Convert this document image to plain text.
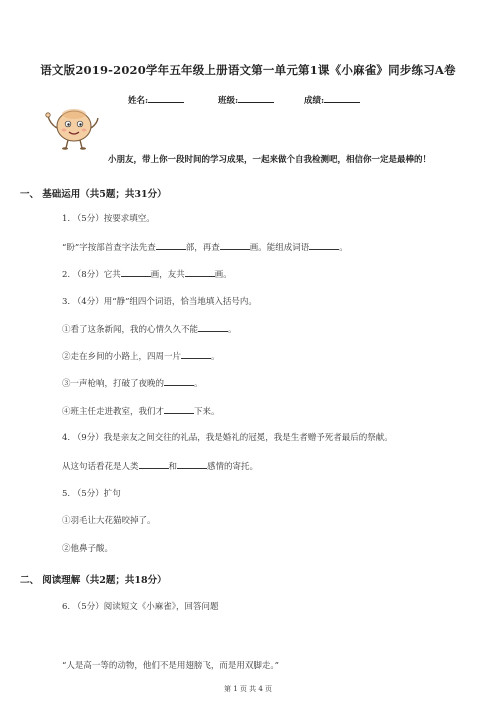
语文版2019-2020学年五年级上册语文第一单元第1课《小麻雀》同步练习A卷
姓名:	班级:	成绩:
小朋友，带上你一段时间的学习成果，一起来做个自我检测吧，相信你一定是最棒的！
一、 基础运用（共5题；共31分）
1. （5分）按要求填空。
“盼”字按部首查字法先查	部，再查	画。能组成词语	。
2. （8分）它共	画，友共	画。
3. （4分）用“静”组四个词语，恰当地填入括号内。
①看了这条新闻，我的心情久久不能	。
②走在乡间的小路上，四周一片	。
③一声枪响，打破了夜晚的	。
④班主任走进教室，我们才	下来。
4. （9分）我是亲友之间交往的礼品，我是婚礼的冠冕，我是生者赠予死者最后的祭献。
从这句话看花是人类	和	感情的寄托。
5. （5分）扩句
①羽毛让大花猫咬掉了。
②他鼻子酸。
二、 阅读理解（共2题；共18分）
6. （5分）阅读短文《小麻雀》，回答问题
“人是高一等的动物，他们不是用翅膀飞，而是用双脚走。”
第 1 页 共 4 页
